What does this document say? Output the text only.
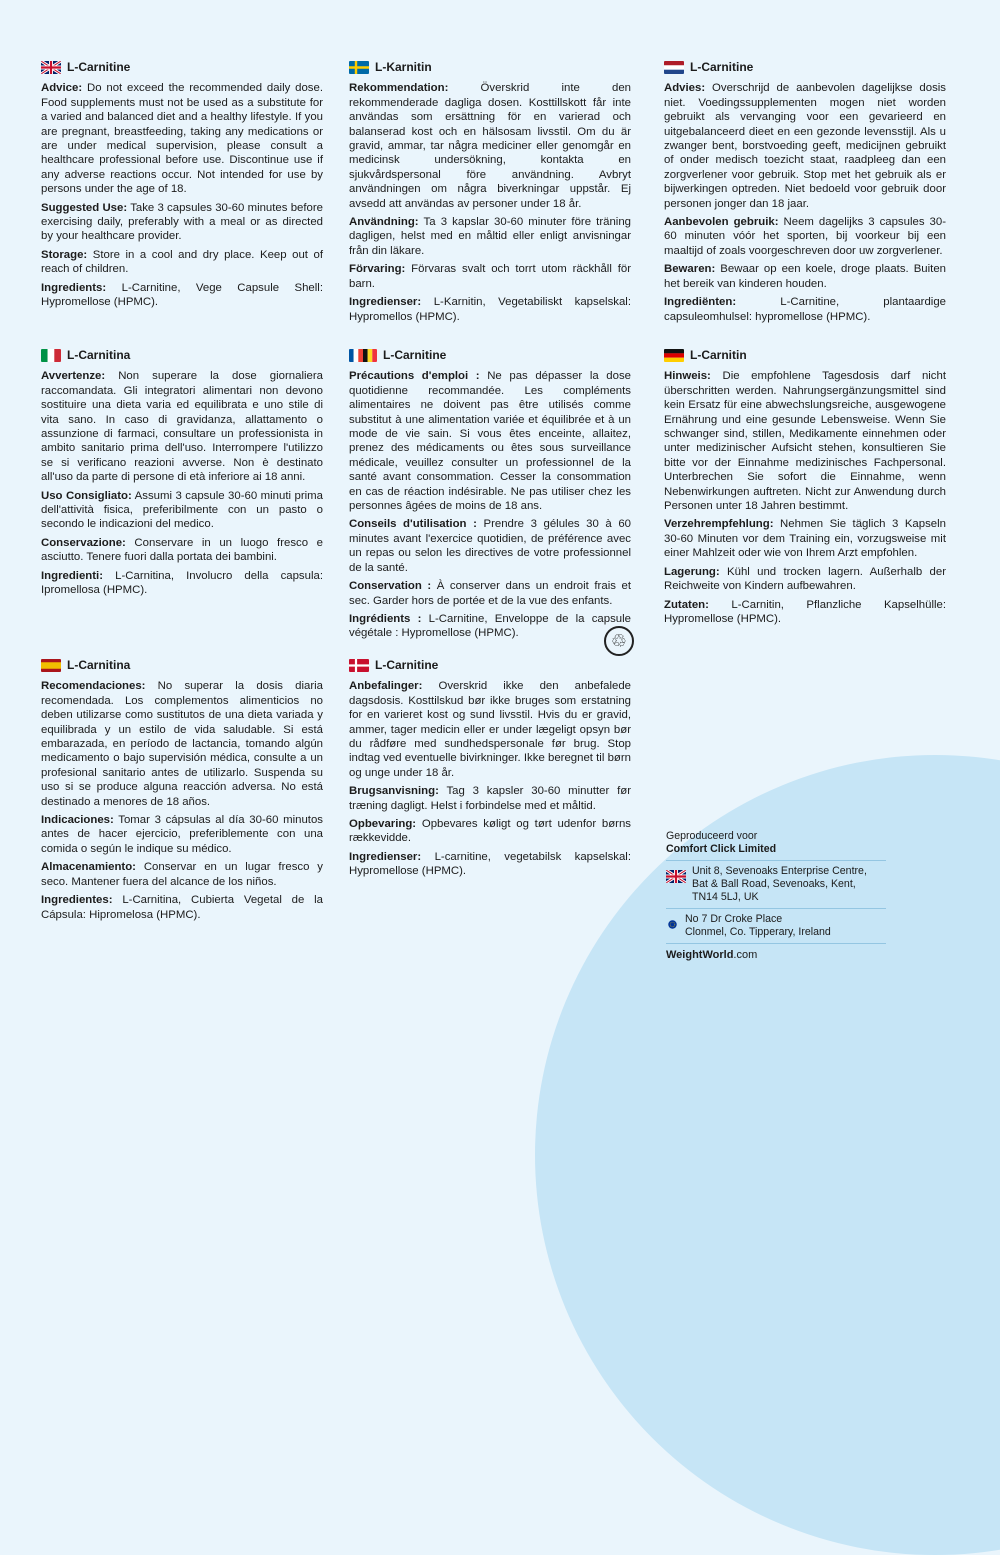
L-Carnitine

Advice: Do not exceed the recommended daily dose. Food supplements must not be used as a substitute for a varied and balanced diet and a healthy lifestyle. If you are pregnant, breastfeeding, taking any medications or are under medical supervision, please consult a healthcare professional before use. Discontinue use if any adverse reactions occur. Not intended for use by persons under the age of 18.

Suggested Use: Take 3 capsules 30-60 minutes before exercising daily, preferably with a meal or as directed by your healthcare provider.

Storage: Store in a cool and dry place. Keep out of reach of children.

Ingredients: L-Carnitine, Vege Capsule Shell: Hypromellose (HPMC).

L-Karnitin

Rekommendation:	Överskrid inte den rekommenderade dagliga dosen. Kosttillskott får inte användas som ersättning för en varierad och balanserad kost och en hälsosam livsstil. Om du är gravid, ammar, tar några mediciner eller genomgår en medicinsk undersökning, kontakta en sjukvårdspersonal före användning. Avbryt användningen om några biverkningar uppstår. Ej avsedd att användas av personer under 18 år.

Användning: Ta 3 kapslar 30-60 minuter före träning dagligen, helst med en måltid eller enligt anvisningar från din läkare.

Förvaring: Förvaras svalt och torrt utom räckhåll för barn.

Ingredienser: L-Karnitin, Vegetabiliskt kapselskal: Hypromellos (HPMC).

L-Carnitine

Advies: Overschrijd de aanbevolen dagelijkse dosis niet. Voedingssupplementen mogen niet worden gebruikt als vervanging voor een gevarieerd en uitgebalanceerd dieet en een gezonde levensstijl. Als u zwanger bent, borstvoeding geeft, medicijnen gebruikt of onder medisch toezicht staat, raadpleeg dan een zorgverlener voor gebruik. Stop met het gebruik als er bijwerkingen optreden. Niet bedoeld voor gebruik door personen jonger dan 18 jaar.

Aanbevolen gebruik: Neem dagelijks 3 capsules 30-60 minuten vóór het sporten, bij voorkeur bij een maaltijd of zoals voorgeschreven door uw zorgverlener.

Bewaren: Bewaar op een koele, droge plaats. Buiten het bereik van kinderen houden.

Ingrediënten:	L-Carnitine, plantaardige capsuleomhulsel: hypromellose (HPMC).

L-Carnitina

Avvertenze: Non superare la dose giornaliera raccomandata. Gli integratori alimentari non devono sostituire una dieta varia ed equilibrata e uno stile di vita sano. In caso di gravidanza, allattamento o assunzione di farmaci, consultare un professionista in ambito sanitario prima dell'uso. Interrompere l'utilizzo se si verificano reazioni avverse. Non è destinato all'uso da parte di persone di età inferiore ai 18 anni.

Uso Consigliato: Assumi 3 capsule 30-60 minuti prima dell'attività fisica, preferibilmente con un pasto o secondo le indicazioni del medico.

Conservazione: Conservare in un luogo fresco e asciutto. Tenere fuori dalla portata dei bambini.

Ingredienti: L-Carnitina, Involucro della capsula: Ipromellosa (HPMC).

L-Carnitine

Précautions d'emploi : Ne pas dépasser la dose quotidienne recommandée. Les compléments alimentaires ne doivent pas être utilisés comme substitut à une alimentation variée et équilibrée et à un mode de vie sain. Si vous êtes enceinte, allaitez, prenez des médicaments ou êtes sous surveillance médicale, veuillez consulter un professionnel de la santé avant consommation. Cesser la consommation en cas de réaction indésirable. Ne pas utiliser chez les personnes âgées de moins de 18 ans.

Conseils d'utilisation : Prendre 3 gélules 30 à 60 minutes avant l'exercice quotidien, de préférence avec un repas ou selon les directives de votre professionnel de la santé.

Conservation : À conserver dans un endroit frais et sec. Garder hors de portée et de la vue des enfants.

Ingrédients : L-Carnitine, Enveloppe de la capsule végétale : Hypromellose (HPMC).

L-Carnitin

Hinweis: Die empfohlene Tagesdosis darf nicht überschritten werden. Nahrungsergänzungsmittel sind kein Ersatz für eine abwechslungsreiche, ausgewogene Ernährung und eine gesunde Lebensweise. Wenn Sie schwanger sind, stillen, Medikamente einnehmen oder unter medizinischer Aufsicht stehen, konsultieren Sie bitte vor der Einnahme medizinisches Fachpersonal. Unterbrechen Sie sofort die Einnahme, wenn Nebenwirkungen auftreten. Nicht zur Anwendung durch Personen unter 18 Jahren bestimmt.

Verzehrempfehlung: Nehmen Sie täglich 3 Kapseln 30-60 Minuten vor dem Training ein, vorzugsweise mit einer Mahlzeit oder wie von Ihrem Arzt empfohlen.

Lagerung: Kühl und trocken lagern. Außerhalb der Reichweite von Kindern aufbewahren.

Zutaten: L-Carnitin, Pflanzliche Kapselhülle: Hypromellose (HPMC).

L-Carnitina

Recomendaciones: No superar la dosis diaria recomendada. Los complementos alimenticios no deben utilizarse como sustitutos de una dieta variada y equilibrada y un estilo de vida saludable. Si está embarazada, en período de lactancia, tomando algún medicamento o bajo supervisión médica, consulte a un profesional sanitario antes de utilizarlo. Suspenda su uso si se produce alguna reacción adversa. No está destinado a menores de 18 años.

Indicaciones: Tomar 3 cápsulas al día 30-60 minutos antes de hacer ejercicio, preferiblemente con una comida o según le indique su médico.

Almacenamiento: Conservar en un lugar fresco y seco. Mantener fuera del alcance de los niños.

Ingredientes: L-Carnitina, Cubierta Vegetal de la Cápsula: Hipromelosa (HPMC).

L-Carnitine

Anbefalinger: Overskrid ikke den anbefalede dagsdosis. Kosttilskud bør ikke bruges som erstatning for en varieret kost og sund livsstil. Hvis du er gravid, ammer, tager medicin eller er under lægeligt opsyn bør du rådføre med sundhedspersonale før brug. Stop indtag ved eventuelle bivirkninger. Ikke beregnet til børn og unge under 18 år.

Brugsanvisning: Tag 3 kapsler 30-60 minutter før træning dagligt. Helst i forbindelse med et måltid.

Opbevaring: Opbevares køligt og tørt udenfor børns rækkevidde.

Ingredienser: L-carnitine, vegetabilsk kapselskal: Hypromellose (HPMC).

♲
Geproduceerd voor
Comfort Click Limited
Unit 8, Sevenoaks Enterprise Centre,
Bat & Ball Road, Sevenoaks, Kent,
TN14 5LJ, UK
No 7 Dr Croke Place
Clonmel, Co. Tipperary, Ireland
WeightWorld.com
